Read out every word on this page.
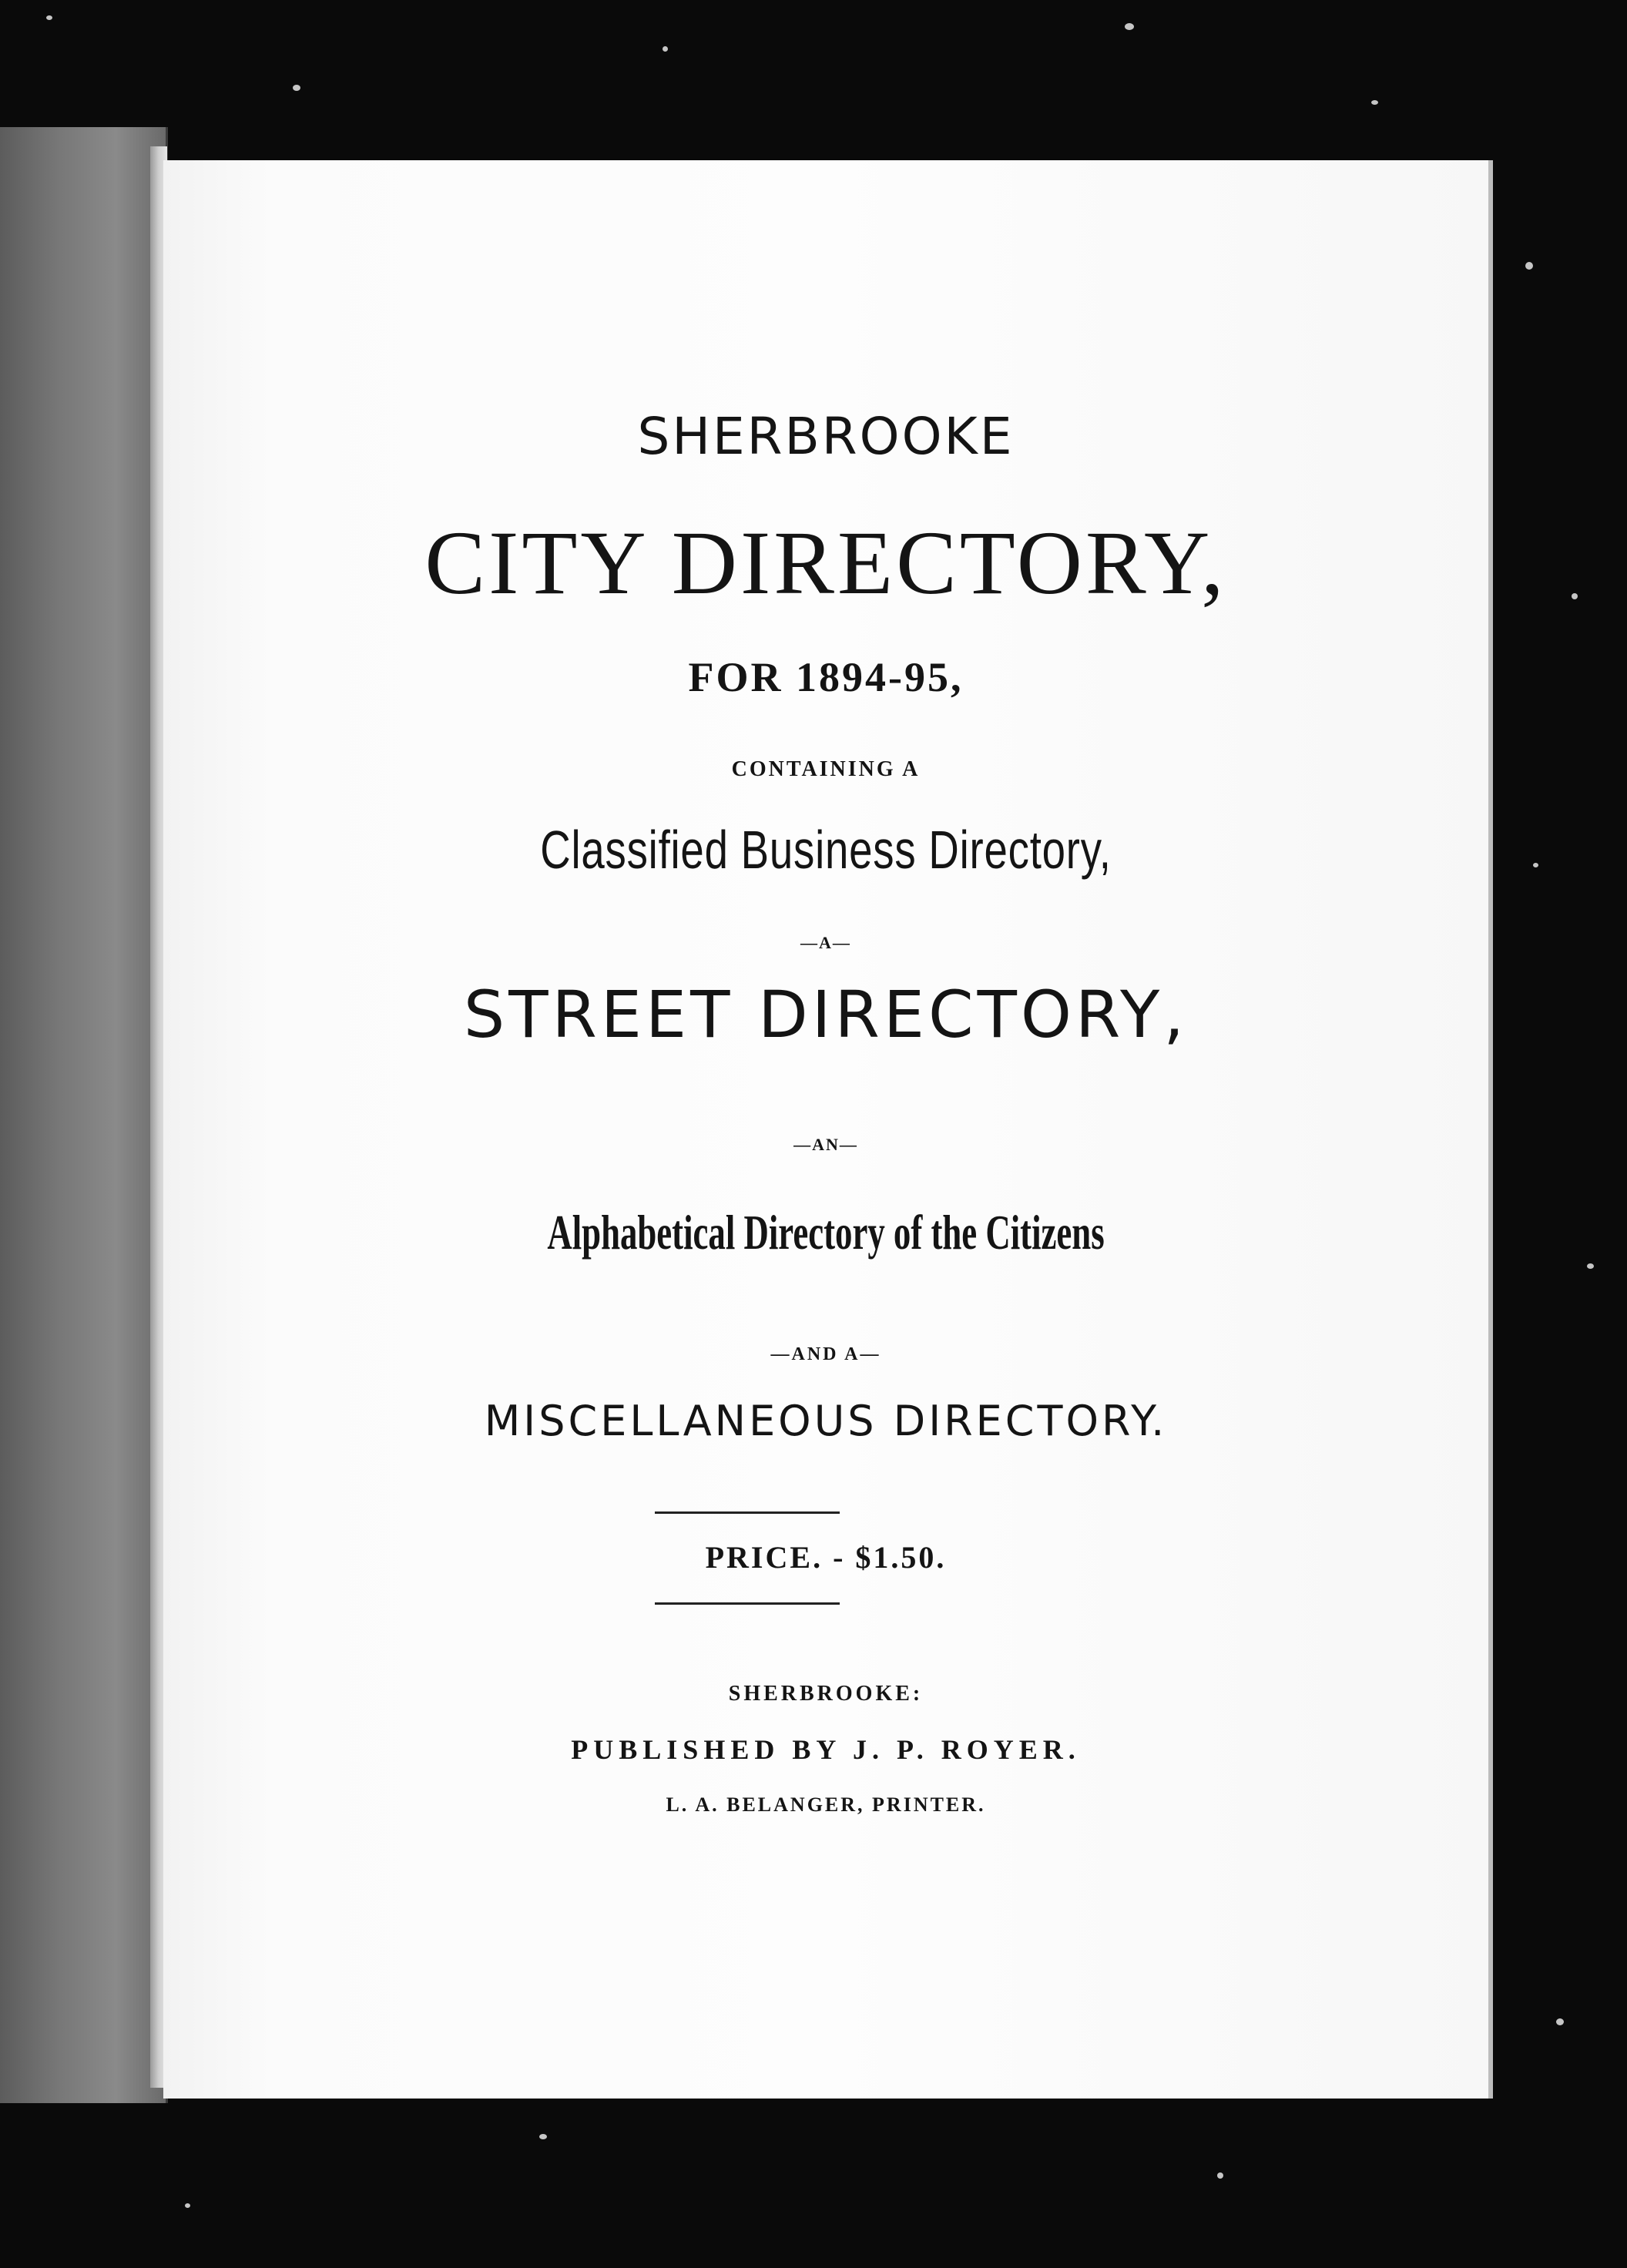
SHERBROOKE
CITY DIRECTORY,
FOR 1894-95,
CONTAINING A
Classified Business Directory,
—A—
STREET DIRECTORY,
—AN—
Alphabetical Directory of the Citizens
—AND A—
MISCELLANEOUS DIRECTORY.
PRICE. - $1.50.
SHERBROOKE:
PUBLISHED BY J. P. ROYER.
L. A. BELANGER, PRINTER.
